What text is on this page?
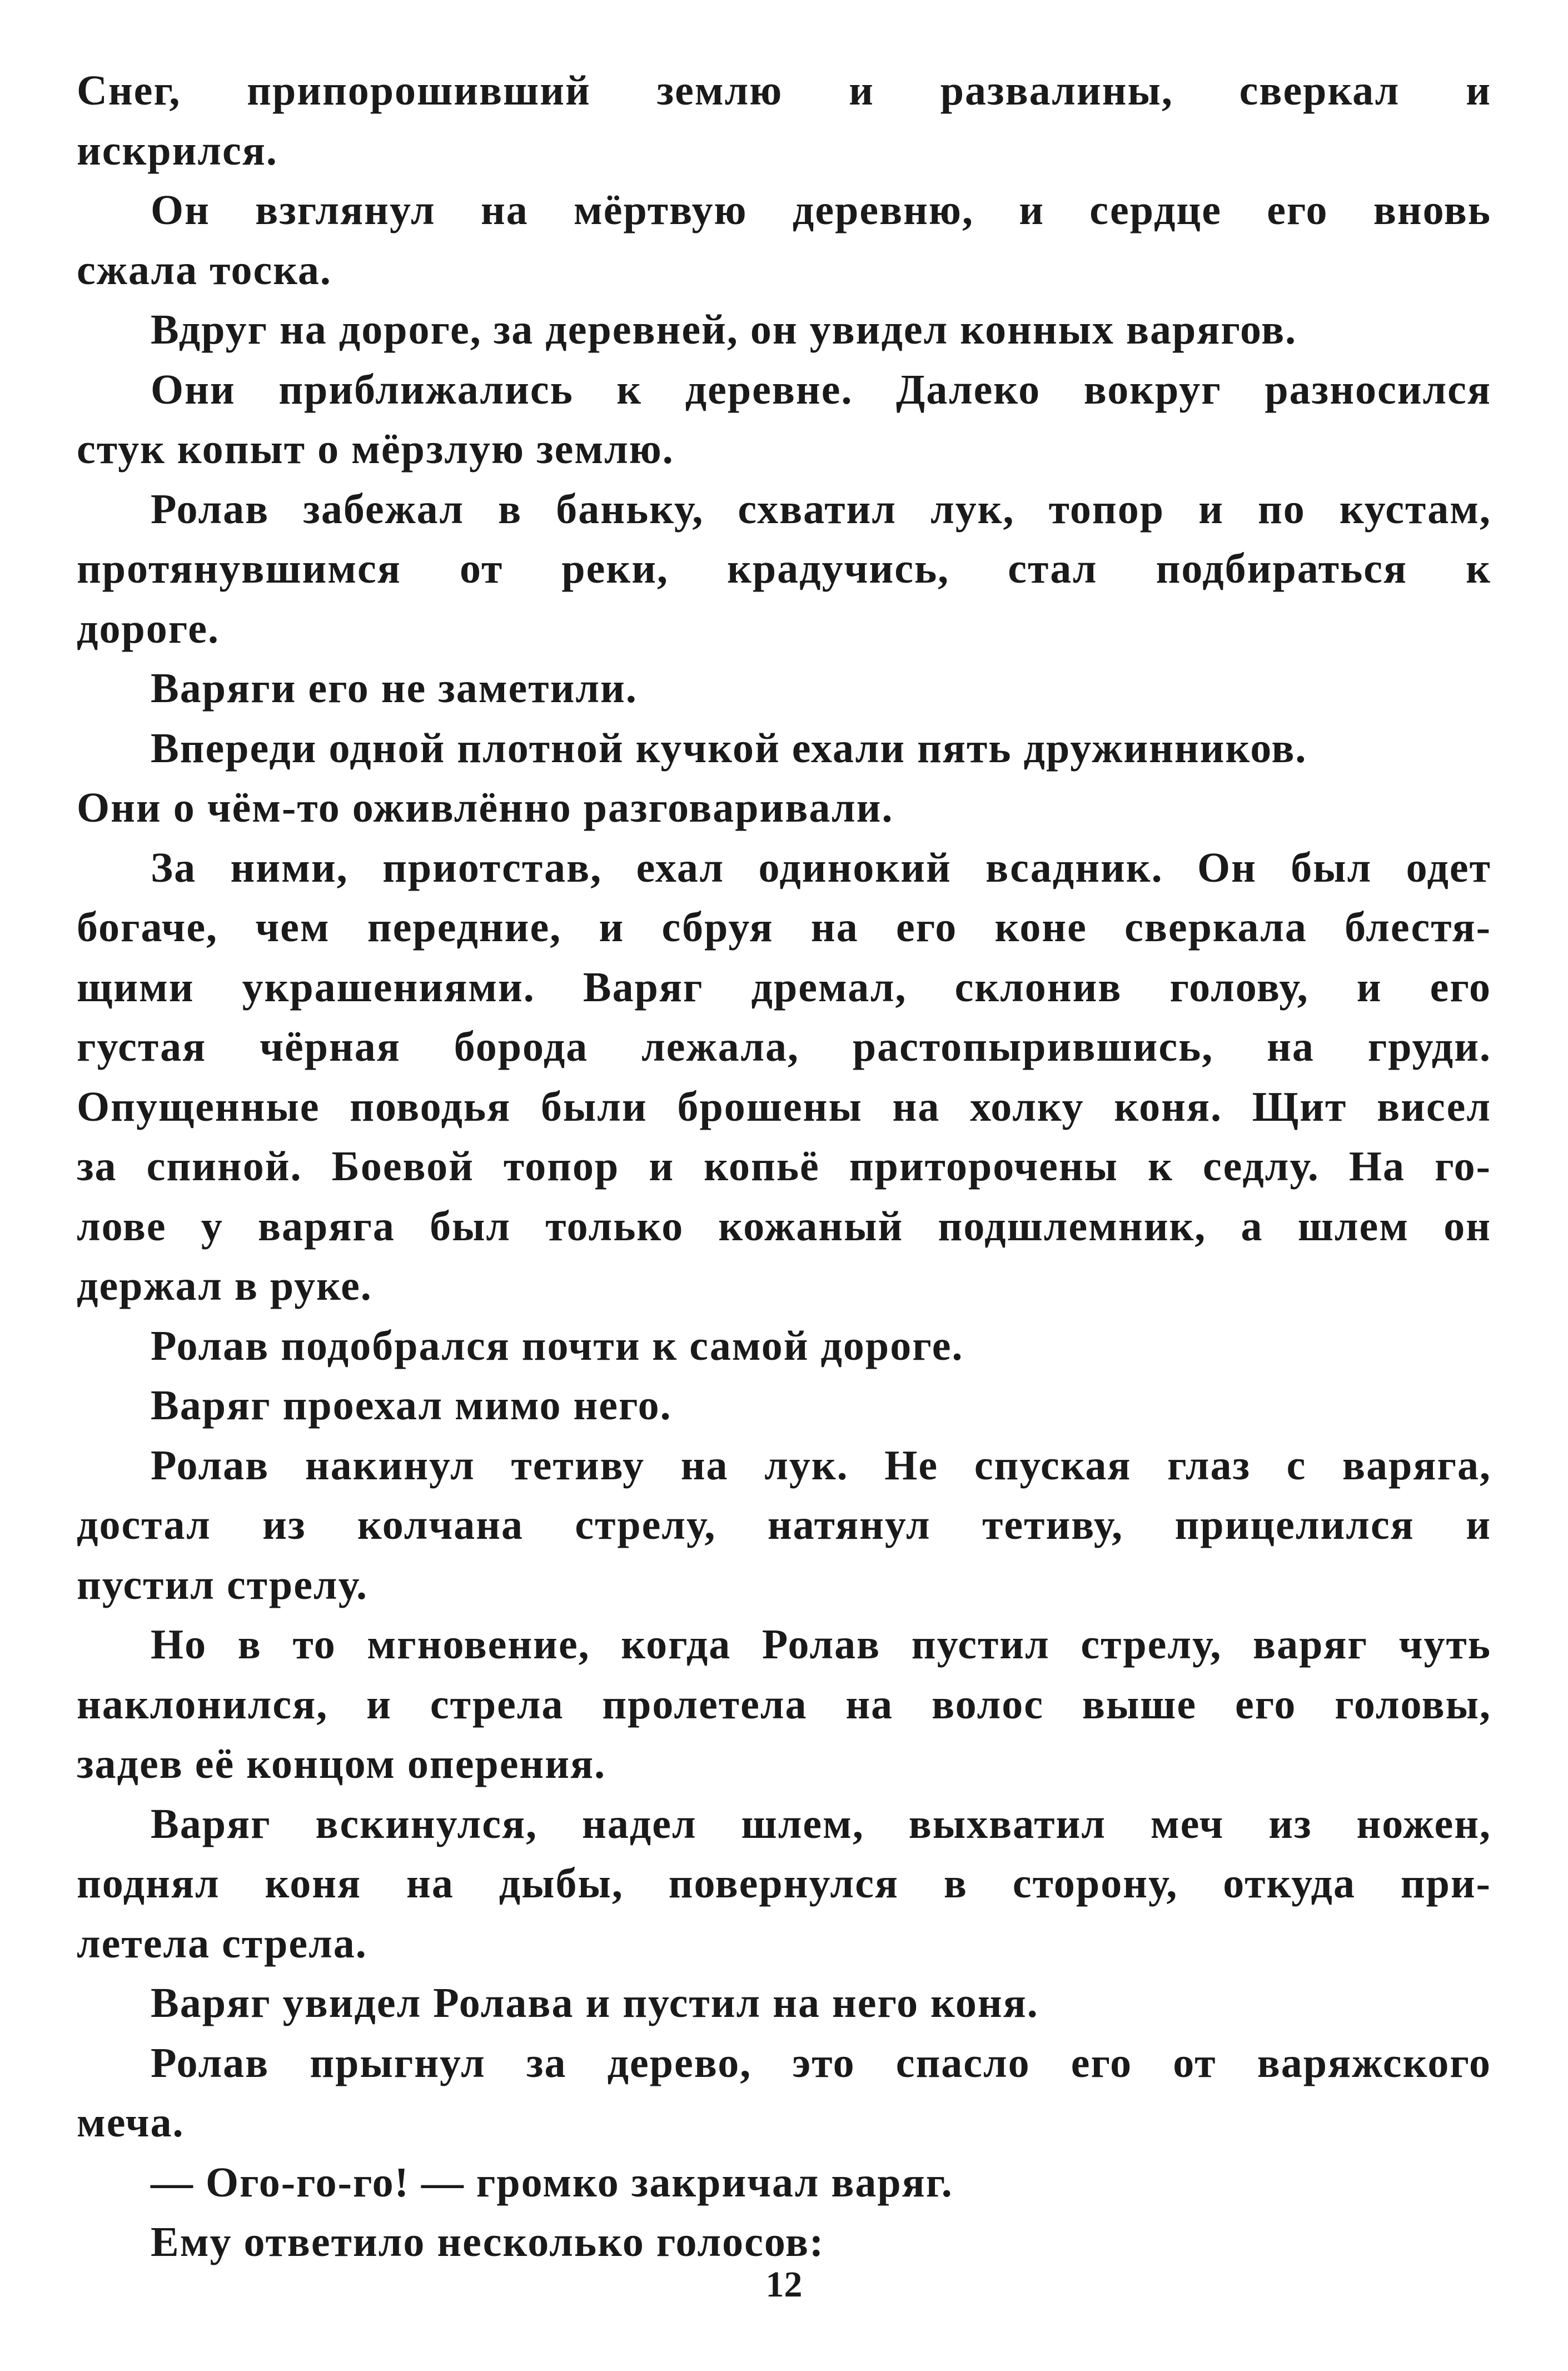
Снег, припорошивший землю и развалины, сверкал и
искрился.
Он взглянул на мёртвую деревню, и сердце его вновь
сжала тоска.
Вдруг на дороге, за деревней, он увидел конных варягов.
Они приближались к деревне. Далеко вокруг разносился
стук копыт о мёрзлую землю.
Ролав забежал в баньку, схватил лук, топор и по кустам,
протянувшимся от реки, крадучись, стал подбираться к
дороге.
Варяги его не заметили.
Впереди одной плотной кучкой ехали пять дружинников.
Они о чём-то оживлённо разговаривали.
За ними, приотстав, ехал одинокий всадник. Он был одет
богаче, чем передние, и сбруя на его коне сверкала блестя-
щими украшениями. Варяг дремал, склонив голову, и его
густая чёрная борода лежала, растопырившись, на груди.
Опущенные поводья были брошены на холку коня. Щит висел
за спиной. Боевой топор и копьё приторочены к седлу. На го-
лове у варяга был только кожаный подшлемник, а шлем он
держал в руке.
Ролав подобрался почти к самой дороге.
Варяг проехал мимо него.
Ролав накинул тетиву на лук. Не спуская глаз с варяга,
достал из колчана стрелу, натянул тетиву, прицелился и
пустил стрелу.
Но в то мгновение, когда Ролав пустил стрелу, варяг чуть
наклонился, и стрела пролетела на волос выше его головы,
задев её концом оперения.
Варяг вскинулся, надел шлем, выхватил меч из ножен,
поднял коня на дыбы, повернулся в сторону, откуда при-
летела стрела.
Варяг увидел Ролава и пустил на него коня.
Ролав прыгнул за дерево, это спасло его от варяжского
меча.
— Ого-го-го! — громко закричал варяг.
Ему ответило несколько голосов:
12
